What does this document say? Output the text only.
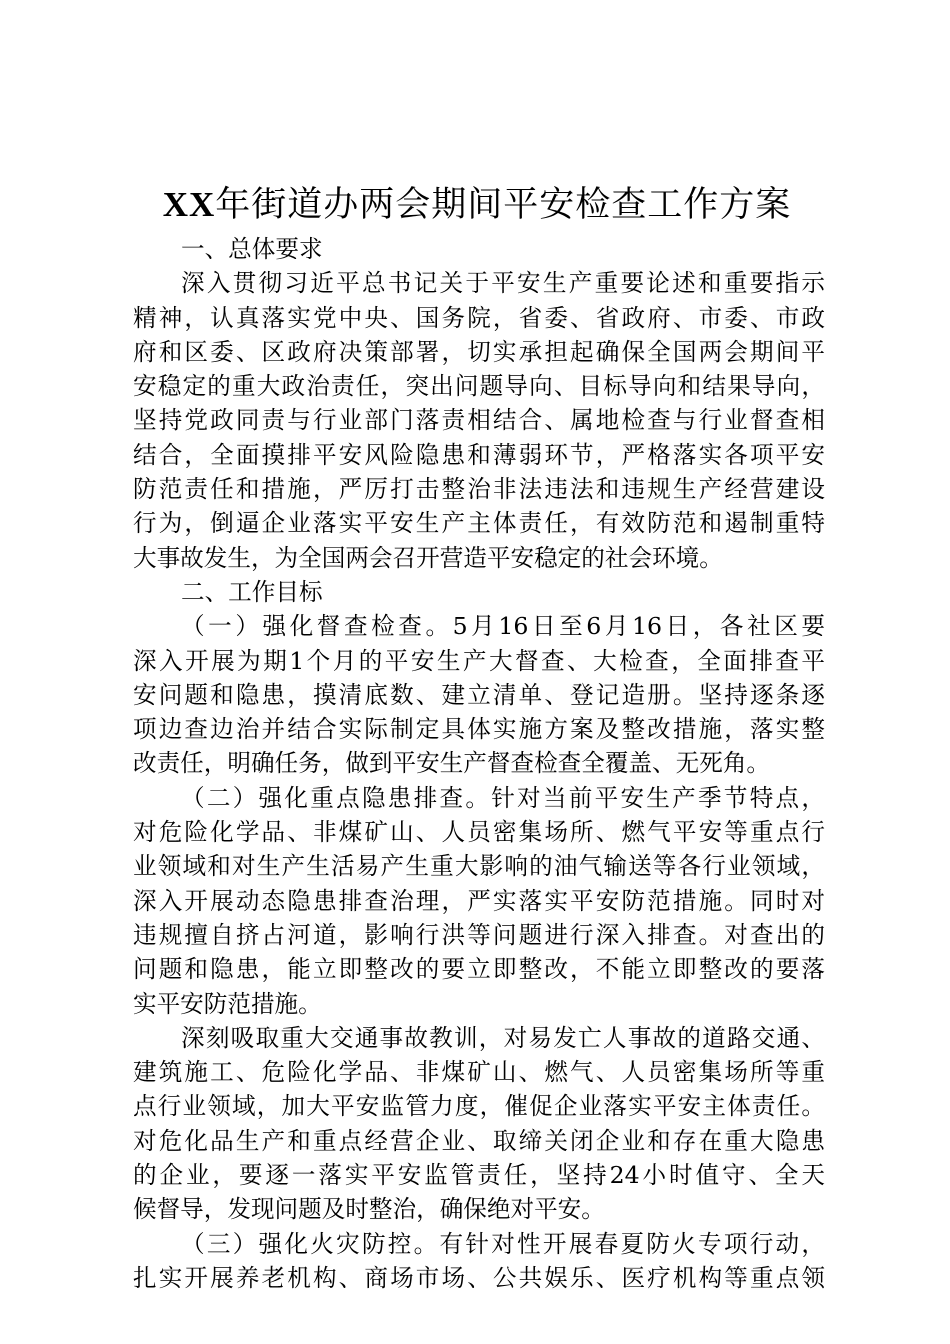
XX年街道办两会期间平安检查工作方案
一、总体要求
深入贯彻习近平总书记关于平安生产重要论述和重要指示
精神，认真落实党中央、国务院，省委、省政府、市委、市政
府和区委、区政府决策部署，切实承担起确保全国两会期间平
安稳定的重大政治责任，突出问题导向、目标导向和结果导向，
坚持党政同责与行业部门落责相结合、属地检查与行业督查相
结合，全面摸排平安风险隐患和薄弱环节，严格落实各项平安
防范责任和措施，严厉打击整治非法违法和违规生产经营建设
行为，倒逼企业落实平安生产主体责任，有效防范和遏制重特
大事故发生，为全国两会召开营造平安稳定的社会环境。
二、工作目标
（一）强化督查检查。5月16日至6月16日，各社区要
深入开展为期1个月的平安生产大督查、大检查，全面排查平
安问题和隐患，摸清底数、建立清单、登记造册。坚持逐条逐
项边查边治并结合实际制定具体实施方案及整改措施，落实整
改责任，明确任务，做到平安生产督查检查全覆盖、无死角。
（二）强化重点隐患排查。针对当前平安生产季节特点，
对危险化学品、非煤矿山、人员密集场所、燃气平安等重点行
业领域和对生产生活易产生重大影响的油气输送等各行业领域，
深入开展动态隐患排查治理，严实落实平安防范措施。同时对
违规擅自挤占河道，影响行洪等问题进行深入排查。对查出的
问题和隐患，能立即整改的要立即整改，不能立即整改的要落
实平安防范措施。
深刻吸取重大交通事故教训，对易发亡人事故的道路交通、
建筑施工、危险化学品、非煤矿山、燃气、人员密集场所等重
点行业领域，加大平安监管力度，催促企业落实平安主体责任。
对危化品生产和重点经营企业、取缔关闭企业和存在重大隐患
的企业，要逐一落实平安监管责任，坚持24小时值守、全天
候督导，发现问题及时整治，确保绝对平安。
（三）强化火灾防控。有针对性开展春夏防火专项行动，
扎实开展养老机构、商场市场、公共娱乐、医疗机构等重点领
